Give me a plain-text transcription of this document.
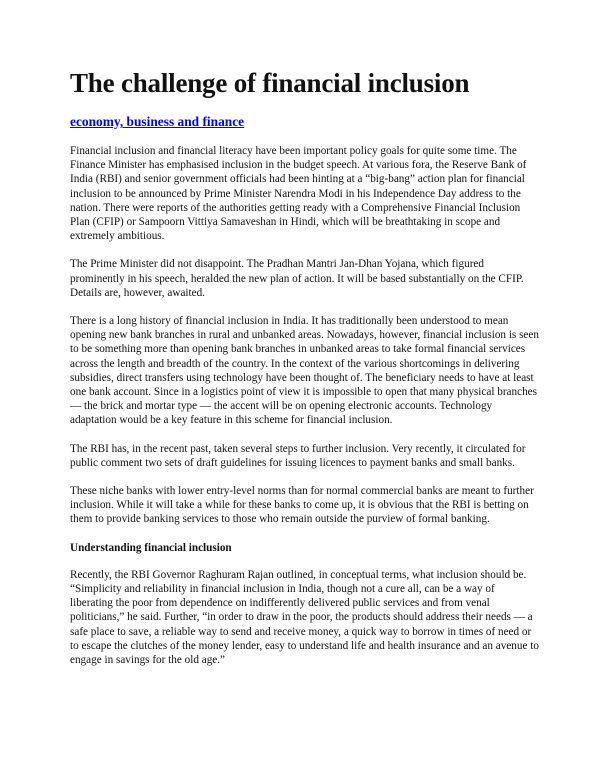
The challenge of financial inclusion
economy, business and finance

Financial inclusion and financial literacy have been important policy goals for quite some time. The Finance Minister has emphasised inclusion in the budget speech. At various fora, the Reserve Bank of India (RBI) and senior government officials had been hinting at a “big-bang” action plan for financial inclusion to be announced by Prime Minister Narendra Modi in his Independence Day address to the nation. There were reports of the authorities getting ready with a Comprehensive Financial Inclusion Plan (CFIP) or Sampoorn Vittiya Samaveshan in Hindi, which will be breathtaking in scope and extremely ambitious.

The Prime Minister did not disappoint. The Pradhan Mantri Jan-Dhan Yojana, which figured prominently in his speech, heralded the new plan of action. It will be based substantially on the CFIP. Details are, however, awaited.

There is a long history of financial inclusion in India. It has traditionally been understood to mean opening new bank branches in rural and unbanked areas. Nowadays, however, financial inclusion is seen to be something more than opening bank branches in unbanked areas to take formal financial services across the length and breadth of the country. In the context of the various shortcomings in delivering subsidies, direct transfers using technology have been thought of. The beneficiary needs to have at least one bank account. Since in a logistics point of view it is impossible to open that many physical branches — the brick and mortar type — the accent will be on opening electronic accounts. Technology adaptation would be a key feature in this scheme for financial inclusion.

The RBI has, in the recent past, taken several steps to further inclusion. Very recently, it circulated for public comment two sets of draft guidelines for issuing licences to payment banks and small banks.

These niche banks with lower entry-level norms than for normal commercial banks are meant to further inclusion. While it will take a while for these banks to come up, it is obvious that the RBI is betting on them to provide banking services to those who remain outside the purview of formal banking.

Understanding financial inclusion

Recently, the RBI Governor Raghuram Rajan outlined, in conceptual terms, what inclusion should be. “Simplicity and reliability in financial inclusion in India, though not a cure all, can be a way of liberating the poor from dependence on indifferently delivered public services and from venal politicians,” he said. Further, “in order to draw in the poor, the products should address their needs — a safe place to save, a reliable way to send and receive money, a quick way to borrow in times of need or to escape the clutches of the money lender, easy to understand life and health insurance and an avenue to engage in savings for the old age.”
